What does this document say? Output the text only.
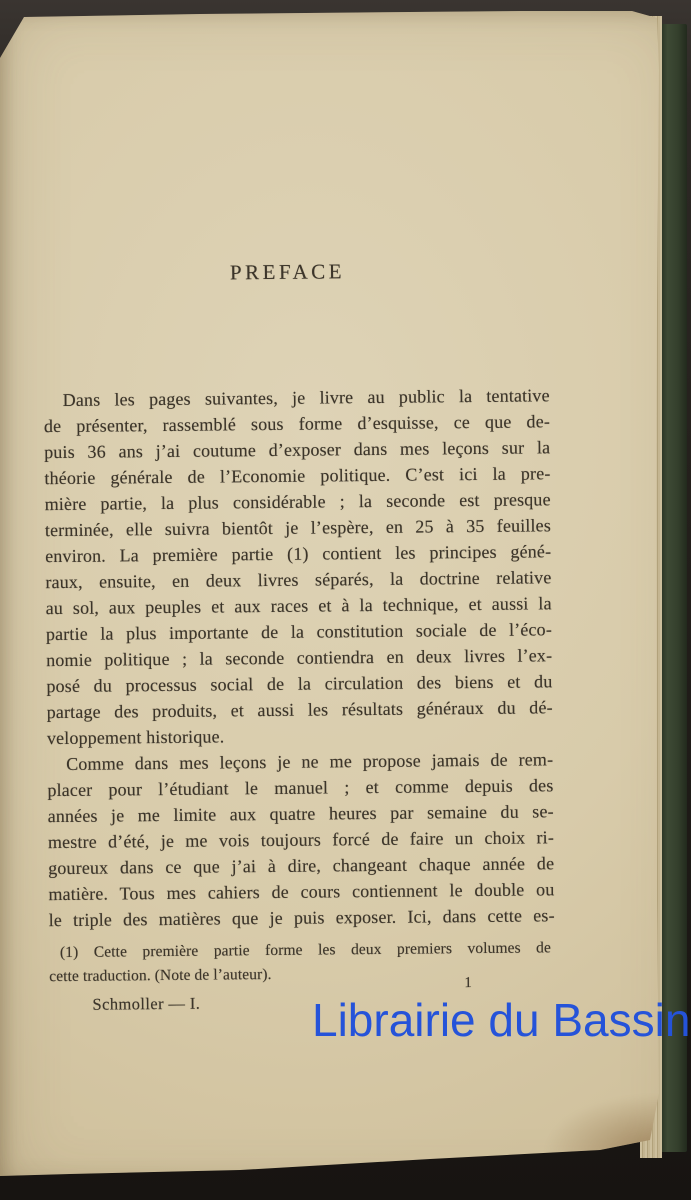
PREFACE
Dans les pages suivantes, je livre au public la tentative
de présenter, rassemblé sous forme d’esquisse, ce que de-
puis 36 ans j’ai coutume d’exposer dans mes leçons sur la
théorie générale de l’Economie politique. C’est ici la pre-
mière partie, la plus considérable ; la seconde est presque
terminée, elle suivra bientôt je l’espère, en 25 à 35 feuilles
environ. La première partie (1) contient les principes géné-
raux, ensuite, en deux livres séparés, la doctrine relative
au sol, aux peuples et aux races et à la technique, et aussi la
partie la plus importante de la constitution sociale de l’éco-
nomie politique ; la seconde contiendra en deux livres l’ex-
posé du processus social de la circulation des biens et du
partage des produits, et aussi les résultats généraux du dé-
veloppement historique.
Comme dans mes leçons je ne me propose jamais de rem-
placer pour l’étudiant le manuel ; et comme depuis des
années je me limite aux quatre heures par semaine du se-
mestre d’été, je me vois toujours forcé de faire un choix ri-
goureux dans ce que j’ai à dire, changeant chaque année de
matière. Tous mes cahiers de cours contiennent le double ou
le triple des matières que je puis exposer. Ici, dans cette es-
(1) Cette première partie forme les deux premiers volumes de
cette traduction. (Note de l’auteur).
Schmoller — I.
1
Librairie du Bassin
